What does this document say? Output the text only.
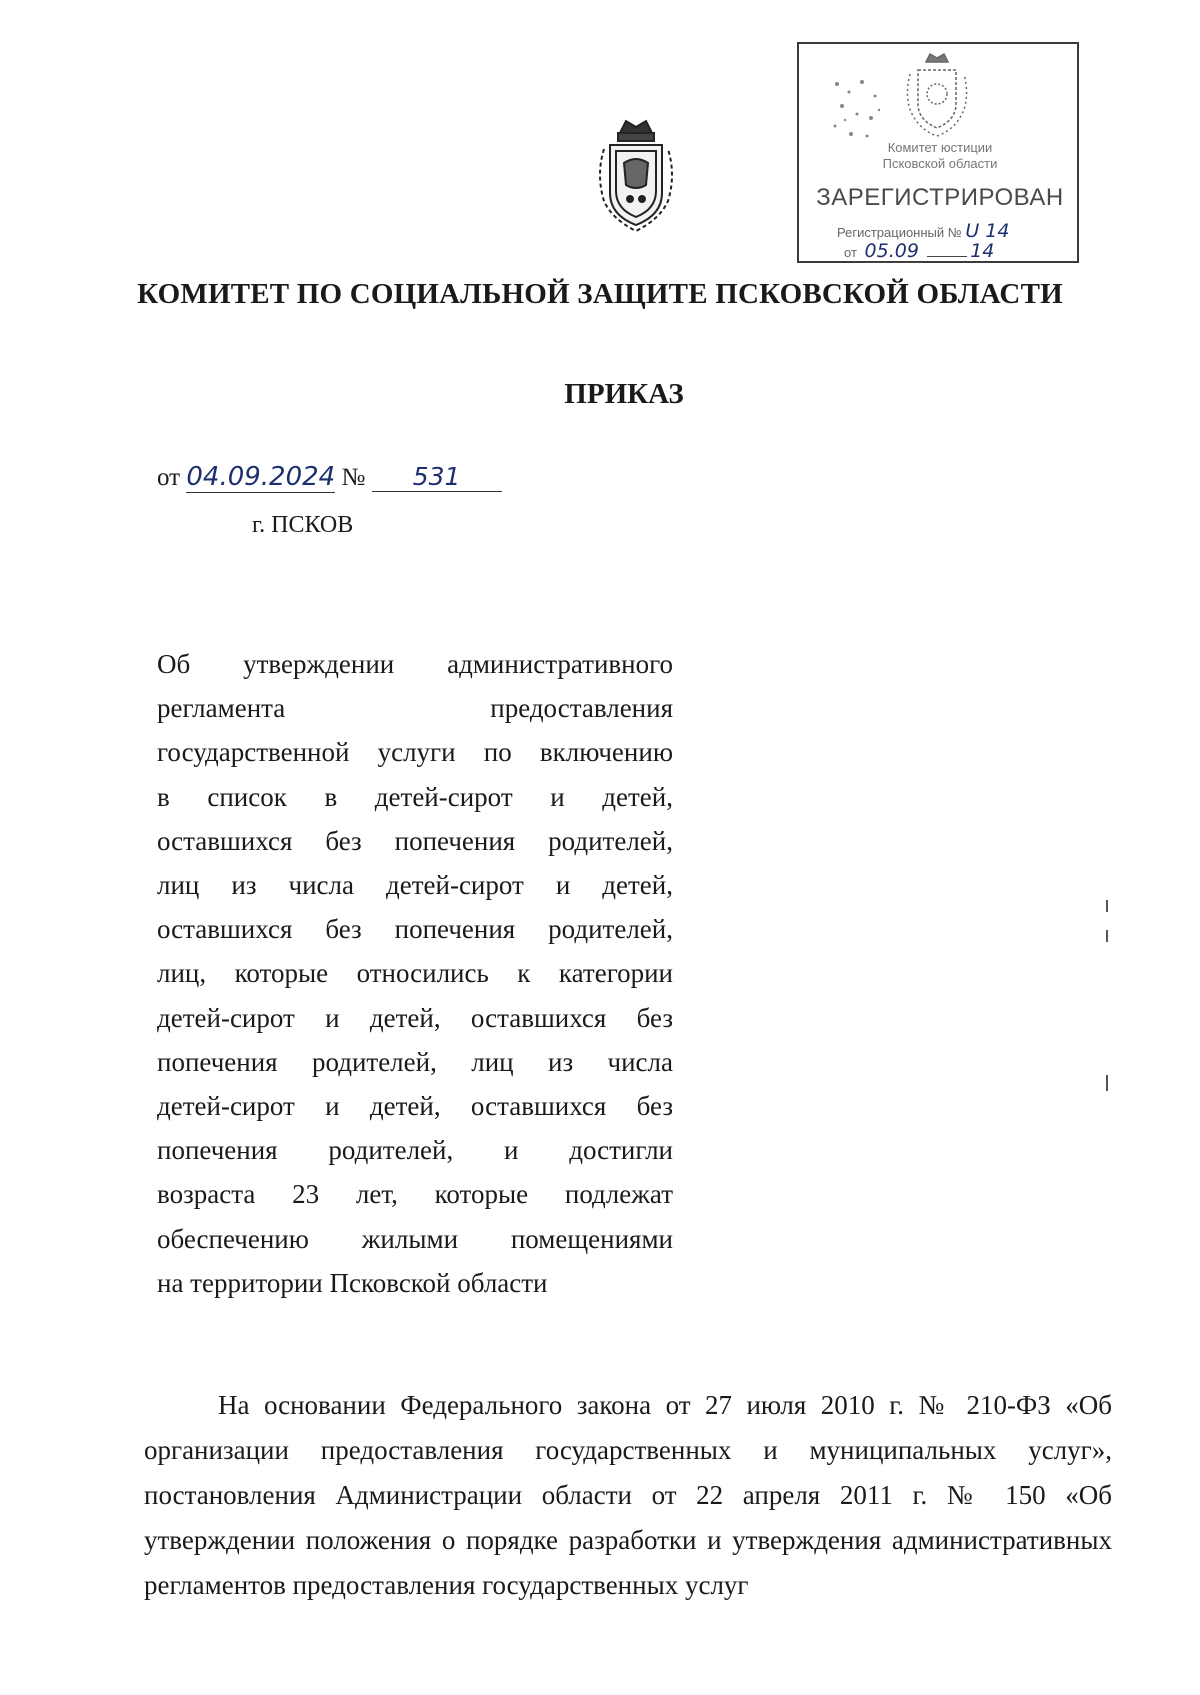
Комитет юстиции
Псковской области
ЗАРЕГИСТРИРОВАН
Регистрационный № U 14
от 05.09	14
КОМИТЕТ ПО СОЦИАЛЬНОЙ ЗАЩИТЕ ПСКОВСКОЙ ОБЛАСТИ
ПРИКАЗ
от 04.09.2024 № 531
г. ПСКОВ
Об утверждении административного
регламента предоставления
государственной услуги по включению
в список в детей-сирот и детей,
оставшихся без попечения родителей,
лиц из числа детей-сирот и детей,
оставшихся без попечения родителей,
лиц, которые относились к категории
детей-сирот и детей, оставшихся без
попечения родителей, лиц из числа
детей-сирот и детей, оставшихся без
попечения родителей, и достигли
возраста 23 лет, которые подлежат
обеспечению жилыми помещениями
на территории Псковской области

На основании Федерального закона от 27 июля 2010 г. № 210-ФЗ «Об организации предоставления государственных и муниципальных услуг», постановления Администрации области от 22 апреля 2011 г. № 150 «Об утверждении положения о порядке разработки и утверждения административных регламентов предоставления государственных услуг
